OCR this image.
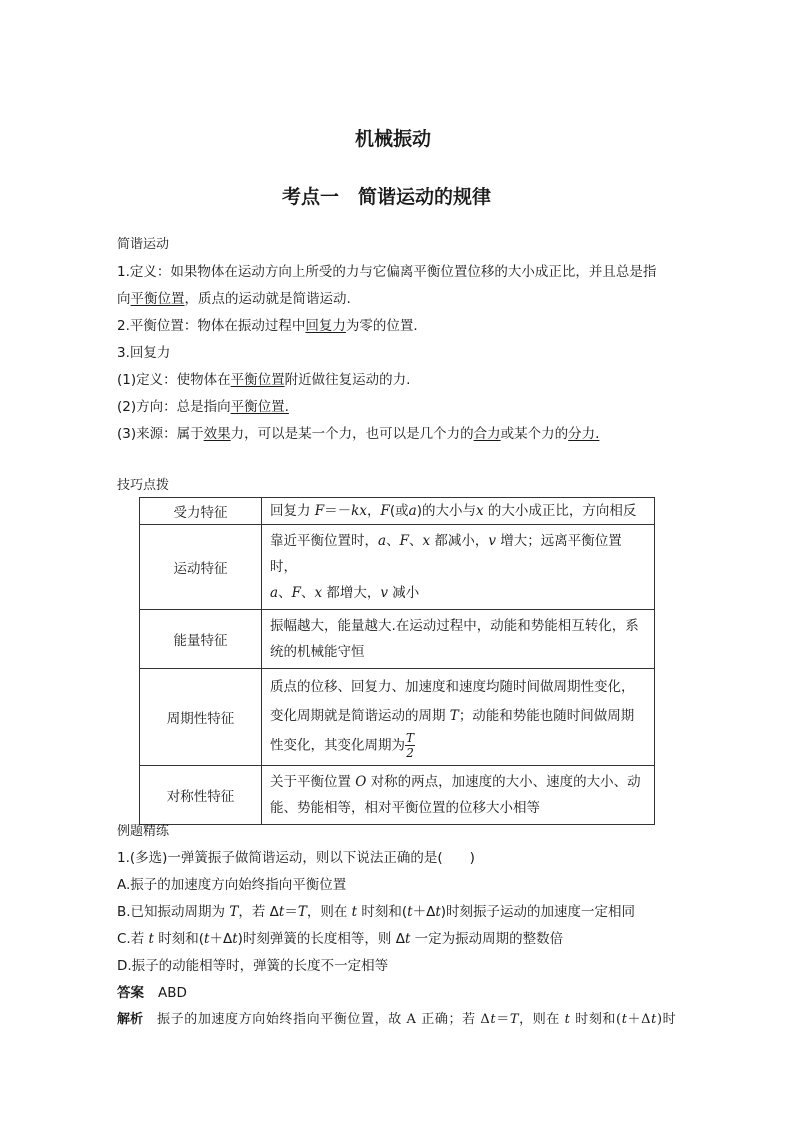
机械振动
考点一　简谐运动的规律
简谐运动
1.定义：如果物体在运动方向上所受的力与它偏离平衡位置位移的大小成正比，并且总是指
向平衡位置，质点的运动就是简谐运动.
2.平衡位置：物体在振动过程中回复力为零的位置.
3.回复力
(1)定义：使物体在平衡位置附近做往复运动的力.
(2)方向：总是指向平衡位置.
(3)来源：属于效果力，可以是某一个力，也可以是几个力的合力或某个力的分力.
技巧点拨
受力特征	回复力 F＝－kx，F(或a)的大小与x 的大小成正比，方向相反
运动特征	靠近平衡位置时，a、F、x 都减小，v 增大；远离平衡位置时，
a、F、x 都增大，v 减小
能量特征	振幅越大，能量越大.在运动过程中，动能和势能相互转化，系
统的机械能守恒
周期性特征	质点的位移、回复力、加速度和速度均随时间做周期性变化，
变化周期就是简谐运动的周期 T；动能和势能也随时间做周期
性变化，其变化周期为 $\frac{T}{2}$

对称性特征	关于平衡位置 O 对称的两点，加速度的大小、速度的大小、动
能、势能相等，相对平衡位置的位移大小相等
例题精练
1.(多选)一弹簧振子做简谐运动，则以下说法正确的是(　　)
A.振子的加速度方向始终指向平衡位置
B.已知振动周期为 T，若 Δt＝T，则在 t 时刻和(t＋Δt)时刻振子运动的加速度一定相同
C.若 t 时刻和(t＋Δt)时刻弹簧的长度相等，则 Δt 一定为振动周期的整数倍
D.振子的动能相等时，弹簧的长度不一定相等
答案 ABD
解析 振子的加速度方向始终指向平衡位置，故 A 正确；若 Δt＝T，则在 t 时刻和(t＋Δt)时
